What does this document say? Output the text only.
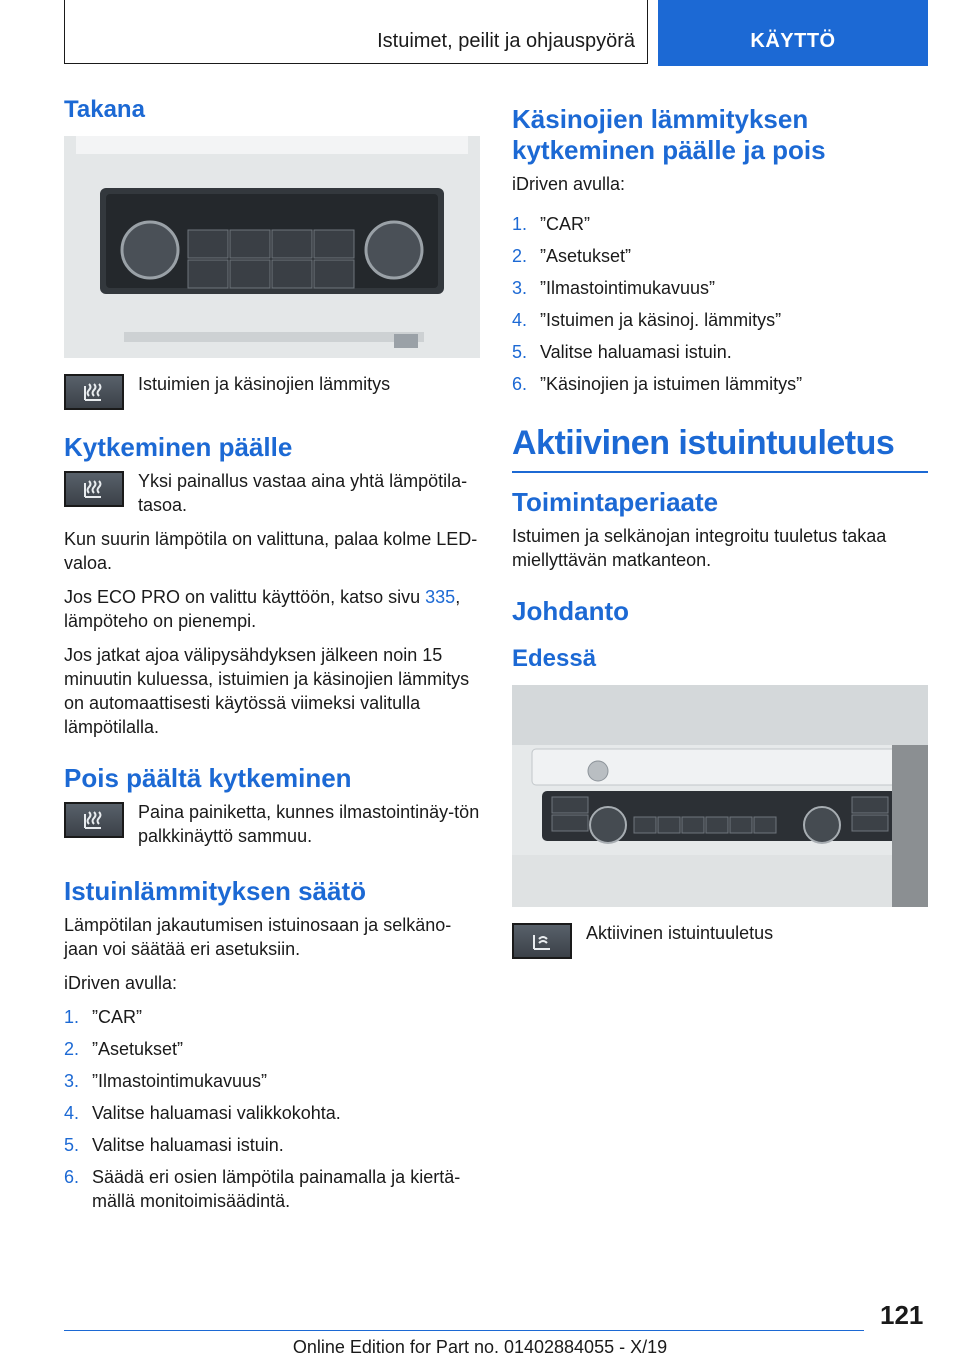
Istuimet, peilit ja ohjauspyörä	KÄYTTÖ
Takana
Istuimien ja käsinojien lämmitys
Kytkeminen päälle
Yksi painallus vastaa aina yhtä lämpötila-tasoa.

Kun suurin lämpötila on valittuna, palaa kolme LED-valoa.

Jos ECO PRO on valittu käyttöön, katso sivu 335, lämpöteho on pienempi.

Jos jatkat ajoa välipysähdyksen jälkeen noin 15 minuutin kuluessa, istuimien ja käsinojien lämmitys on automaattisesti käytössä viimeksi valitulla lämpötilalla.

Pois päältä kytkeminen
Paina painiketta, kunnes ilmastointinäy-tön palkkinäyttö sammuu.
Istuinlämmityksen säätö

Lämpötilan jakautumisen istuinosaan ja selkäno-jaan voi säätää eri asetuksiin.

iDriven avulla:

1. ”CAR”
2. ”Asetukset”
3. ”Ilmastointimukavuus”
4. Valitse haluamasi valikkokohta.
5. Valitse haluamasi istuin.
6. Säädä eri osien lämpötila painamalla ja kiertä-mällä monitoimisäädintä.
Käsinojien lämmityksen kytkeminen päälle ja pois

iDriven avulla:

1. ”CAR”
2. ”Asetukset”
3. ”Ilmastointimukavuus”
4. ”Istuimen ja käsinoj. lämmitys”
5. Valitse haluamasi istuin.
6. ”Käsinojien ja istuimen lämmitys”
Aktiivinen istuintuuletus
Toimintaperiaate

Istuimen ja selkänojan integroitu tuuletus takaa miellyttävän matkanteon.

Johdanto
Edessä
Aktiivinen istuintuuletus
121
Online Edition for Part no. 01402884055 - X/19
